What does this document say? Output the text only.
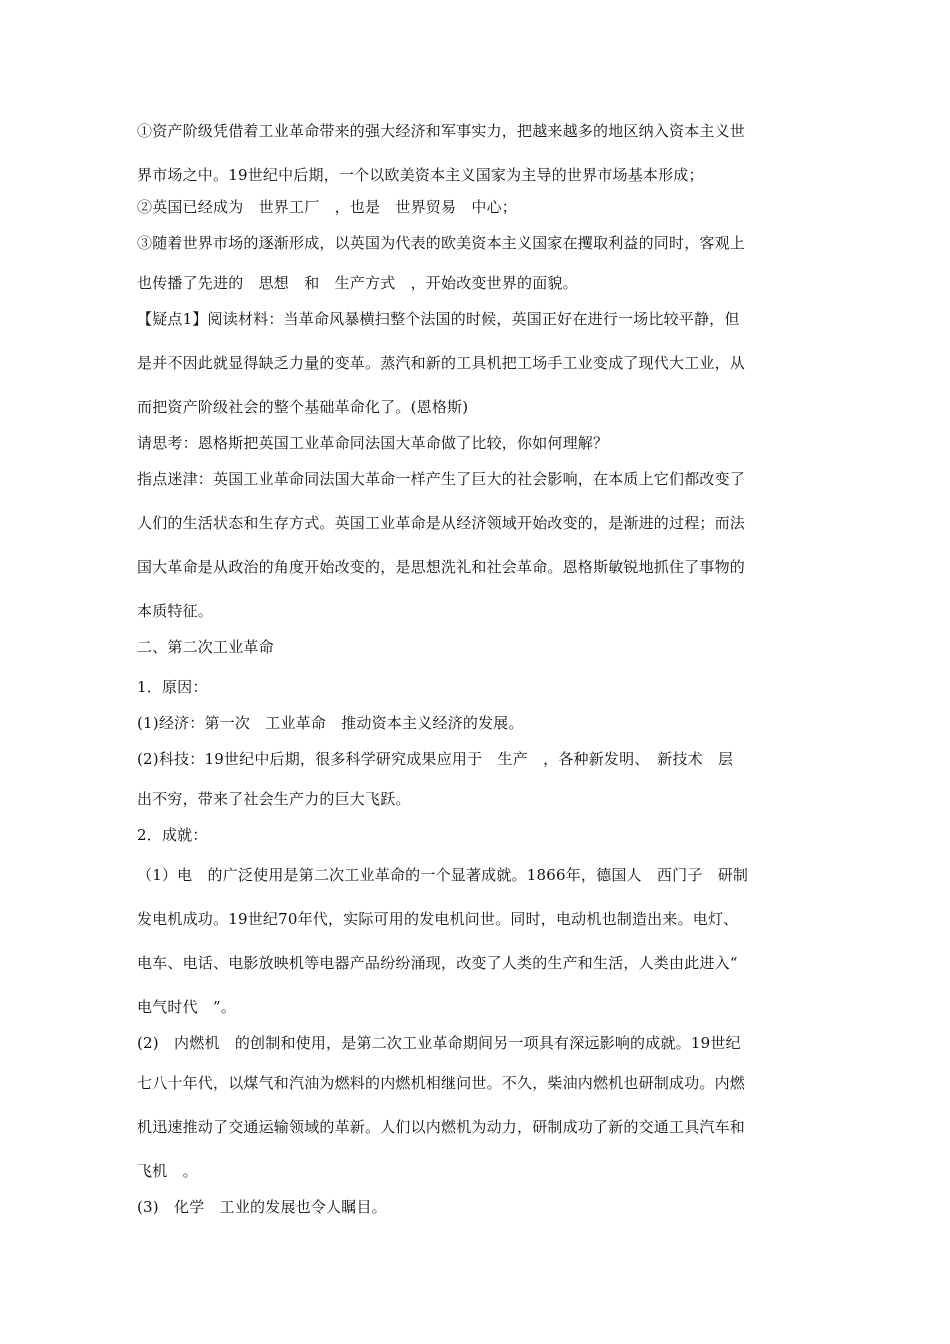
①资产阶级凭借着工业革命带来的强大经济和军事实力，把越来越多的地区纳入资本主义世
界市场之中。19世纪中后期，一个以欧美资本主义国家为主导的世界市场基本形成；
②英国已经成为　世界工厂　，也是　世界贸易　中心；
③随着世界市场的逐渐形成，以英国为代表的欧美资本主义国家在攫取利益的同时，客观上
也传播了先进的　思想　和　生产方式　，开始改变世界的面貌。
【疑点1】阅读材料：当革命风暴横扫整个法国的时候，英国正好在进行一场比较平静，但
是并不因此就显得缺乏力量的变革。蒸汽和新的工具机把工场手工业变成了现代大工业，从
而把资产阶级社会的整个基础革命化了。(恩格斯)
请思考：恩格斯把英国工业革命同法国大革命做了比较，你如何理解？
指点迷津：英国工业革命同法国大革命一样产生了巨大的社会影响，在本质上它们都改变了
人们的生活状态和生存方式。英国工业革命是从经济领域开始改变的，是渐进的过程；而法
国大革命是从政治的角度开始改变的，是思想洗礼和社会革命。恩格斯敏锐地抓住了事物的
本质特征。
二、第二次工业革命
1．原因：
(1)经济：第一次　工业革命　推动资本主义经济的发展。
(2)科技：19世纪中后期，很多科学研究成果应用于　生产　，各种新发明、　新技术　层
出不穷，带来了社会生产力的巨大飞跃。
2．成就：
（1）电　的广泛使用是第二次工业革命的一个显著成就。1866年，德国人　西门子　研制
发电机成功。19世纪70年代，实际可用的发电机问世。同时，电动机也制造出来。电灯、
电车、电话、电影放映机等电器产品纷纷涌现，改变了人类的生产和生活，人类由此进入“
电气时代　”。
(2)　内燃机　的创制和使用，是第二次工业革命期间另一项具有深远影响的成就。19世纪
七八十年代，以煤气和汽油为燃料的内燃机相继问世。不久，柴油内燃机也研制成功。内燃
机迅速推动了交通运输领域的革新。人们以内燃机为动力，研制成功了新的交通工具汽车和
飞机　。
(3)　化学　工业的发展也令人瞩目。
